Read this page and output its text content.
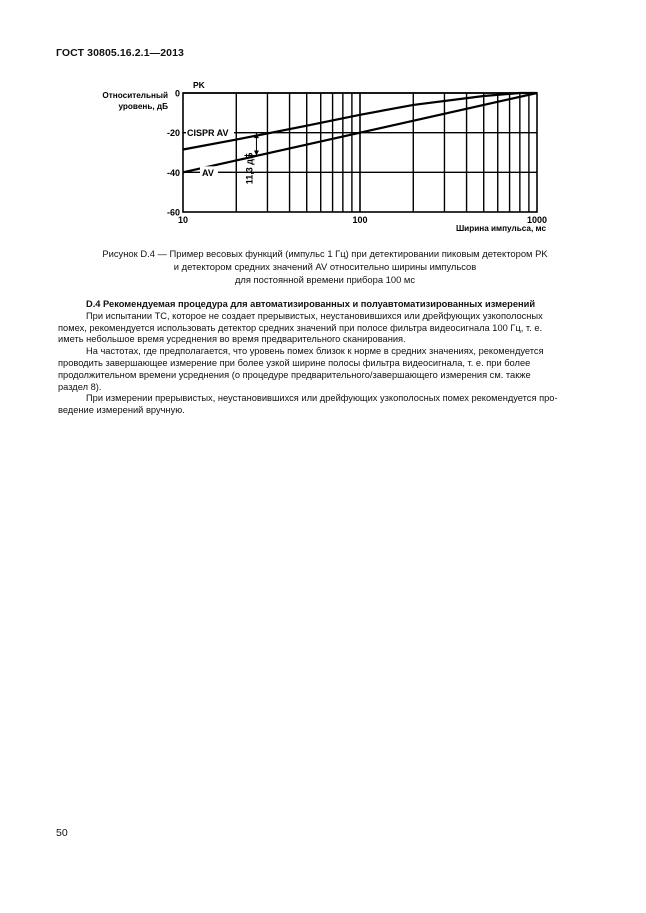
ГОСТ 30805.16.2.1—2013
0
-20
-40
-60
10	100	1000
11,3 дБ
Относительный
уровень, дБ
Ширина импульса, мс
PK
CISPR AV
AV
Рисунок D.4 — Пример весовых функций (импульс 1 Гц) при детектировании пиковым детектором PK
и детектором средних значений AV относительно ширины импульсов
для постоянной времени прибора 100 мс
D.4 Рекомендуемая процедура для автоматизированных и полуавтоматизированных измерений
При испытании ТС, которое не создает прерывистых, неустановившихся или дрейфующих узкополосных
помех, рекомендуется использовать детектор средних значений при полосе фильтра видеосигнала 100 Гц, т. е.
иметь небольшое время усреднения во время предварительного сканирования.
На частотах, где предполагается, что уровень помех близок к норме в средних значениях, рекомендуется
проводить завершающее измерение при более узкой ширине полосы фильтра видеосигнала, т. е. при более
продолжительном времени усреднения (о процедуре предварительного/завершающего измерения см. также
раздел 8).
При измерении прерывистых, неустановившихся или дрейфующих узкополосных помех рекомендуется про-
ведение измерений вручную.
50
